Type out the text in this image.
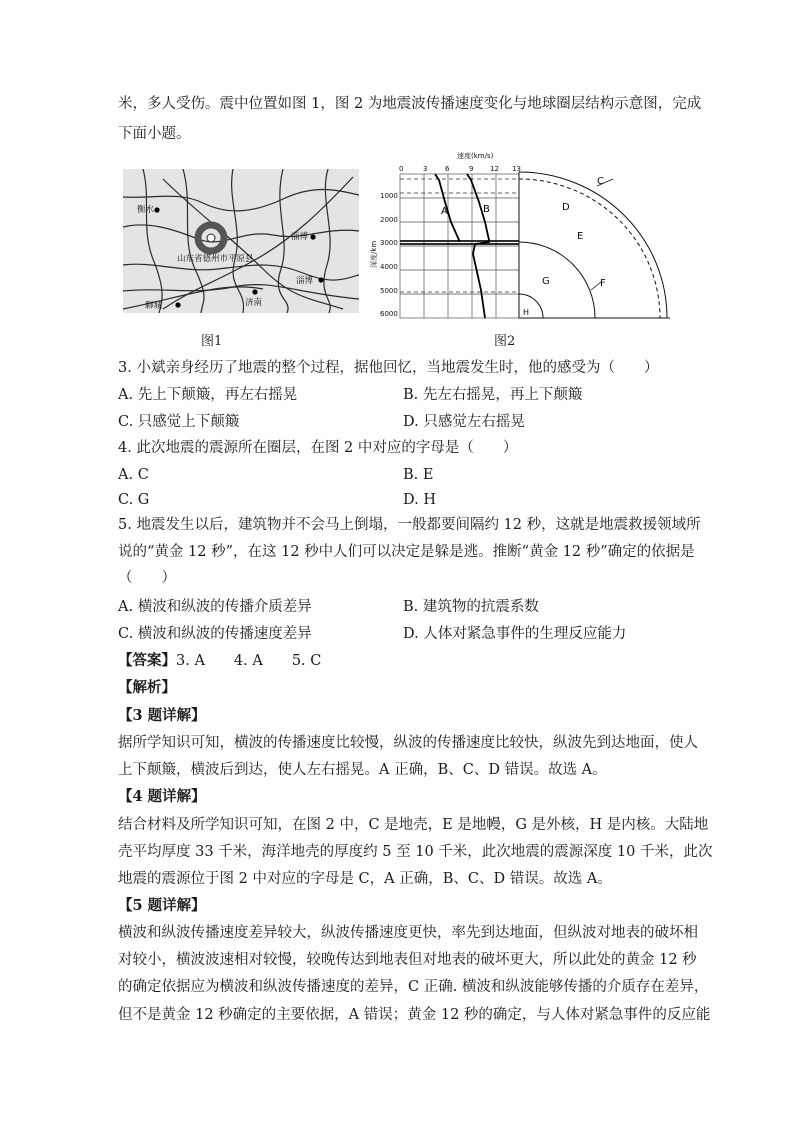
米，多人受伤。震中位置如图 1，图 2 为地震波传播速度变化与地球圈层结构示意图，完成
下面小题。
衡水
淄博
淄博
聊城	济南
山东省德州市平原县
图1
速度(km/s)
0	3	6	9 12 13
1000
2000
3000
4000
5000
6000
深度/km
A	B
C
D
E
F
G
H
图2
3. 小斌亲身经历了地震的整个过程，据他回忆，当地震发生时，他的感受为（　　）
A. 先上下颠簸，再左右摇晃	B. 先左右摇晃，再上下颠簸
C. 只感觉上下颠簸	D. 只感觉左右摇晃
4. 此次地震的震源所在圈层，在图 2 中对应的字母是（　　）
A. C	B. E
C. G	D. H
5. 地震发生以后，建筑物并不会马上倒塌，一般都要间隔约 12 秒，这就是地震救援领域所
说的“黄金 12 秒”，在这 12 秒中人们可以决定是躲是逃。推断“黄金 12 秒”确定的依据是
（　　）
A. 横波和纵波的传播介质差异	B. 建筑物的抗震系数
C. 横波和纵波的传播速度差异	D. 人体对紧急事件的生理反应能力
【答案】3. A　　4. A　　5. C
【解析】
【3 题详解】
据所学知识可知，横波的传播速度比较慢，纵波的传播速度比较快，纵波先到达地面，使人
上下颠簸，横波后到达，使人左右摇晃。A 正确，B、C、D 错误。故选 A。
【4 题详解】
结合材料及所学知识可知，在图 2 中，C 是地壳，E 是地幔，G 是外核，H 是内核。大陆地
壳平均厚度 33 千米，海洋地壳的厚度约 5 至 10 千米，此次地震的震源深度 10 千米，此次
地震的震源位于图 2 中对应的字母是 C，A 正确，B、C、D 错误。故选 A。
【5 题详解】
横波和纵波传播速度差异较大，纵波传播速度更快，率先到达地面，但纵波对地表的破坏相
对较小，横波波速相对较慢，较晚传达到地表但对地表的破坏更大，所以此处的黄金 12 秒
的确定依据应为横波和纵波传播速度的差异，C 正确. 横波和纵波能够传播的介质存在差异，
但不是黄金 12 秒确定的主要依据，A 错误；黄金 12 秒的确定，与人体对紧急事件的反应能
